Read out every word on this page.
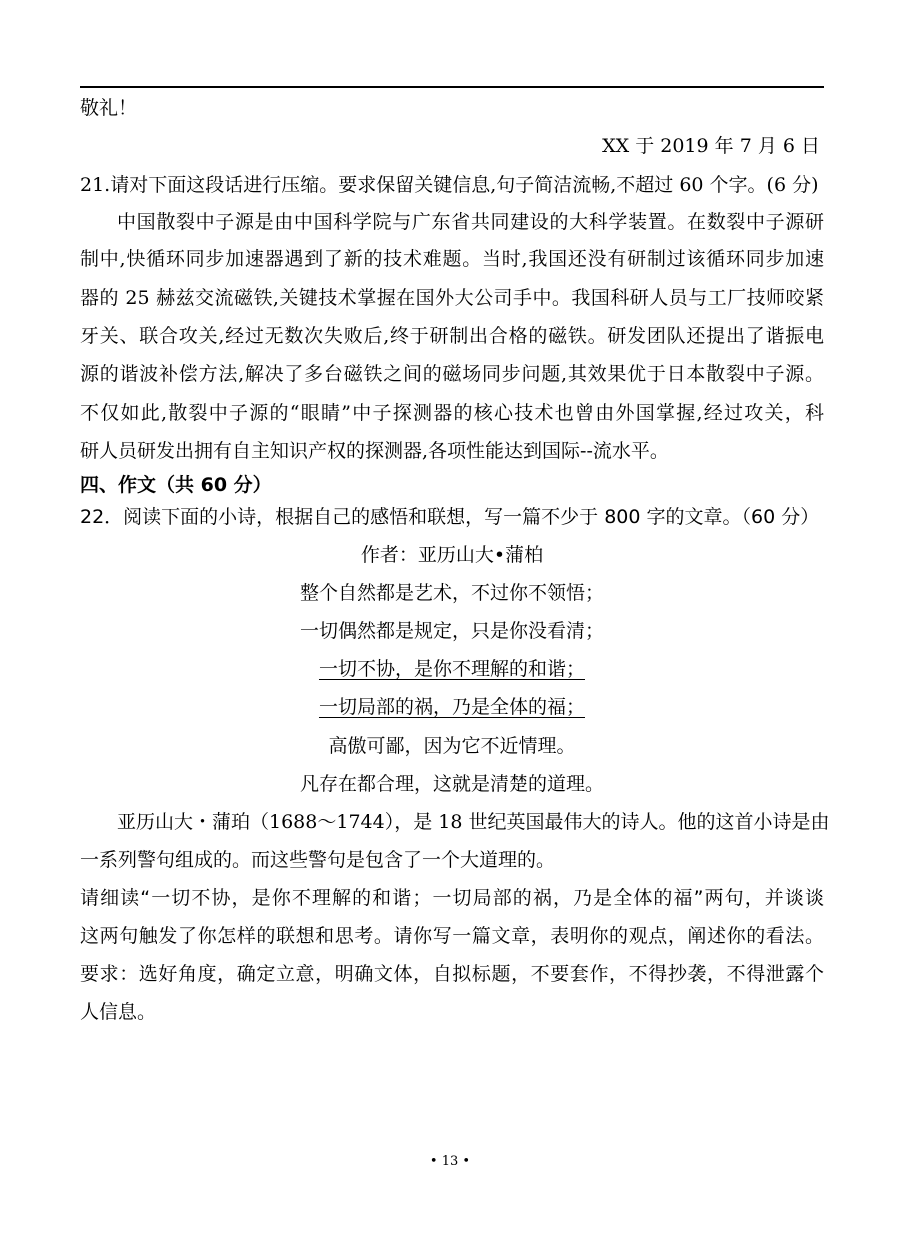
敬礼！
XX 于 2019 年 7 月 6 日
21.请对下面这段话进行压缩。要求保留关键信息,句子简洁流畅,不超过 60 个字。(6 分)
中国散裂中子源是由中国科学院与广东省共同建设的大科学装置。在数裂中子源研
制中,快循环同步加速器遇到了新的技术难题。当时,我国还没有研制过该循环同步加速
器的 25 赫兹交流磁铁,关键技术掌握在国外大公司手中。我国科研人员与工厂技师咬紧
牙关、联合攻关,经过无数次失败后,终于研制出合格的磁铁。研发团队还提出了谐振电
源的谐波补偿方法,解决了多台磁铁之间的磁场同步问题,其效果优于日本散裂中子源。
不仅如此,散裂中子源的“眼睛”中子探测器的核心技术也曾由外国掌握,经过攻关，科
研人员研发出拥有自主知识产权的探测器,各项性能达到国际--流水平。
四、作文（共 60 分）
22．阅读下面的小诗，根据自己的感悟和联想，写一篇不少于 800 字的文章。（60 分）
作者：亚历山大•蒲柏
整个自然都是艺术，不过你不领悟；
一切偶然都是规定，只是你没看清；
一切不协，是你不理解的和谐；
一切局部的祸，乃是全体的福；
高傲可鄙，因为它不近情理。
凡存在都合理，这就是清楚的道理。
亚历山大・蒲珀（1688～1744），是 18 世纪英国最伟大的诗人。他的这首小诗是由
一系列警句组成的。而这些警句是包含了一个大道理的。
请细读“一切不协，是你不理解的和谐；一切局部的祸，乃是全体的福”两句，并谈谈
这两句触发了你怎样的联想和思考。请你写一篇文章，表明你的观点，阐述你的看法。
要求：选好角度，确定立意，明确文体，自拟标题，不要套作，不得抄袭，不得泄露个
人信息。
• 13 •
